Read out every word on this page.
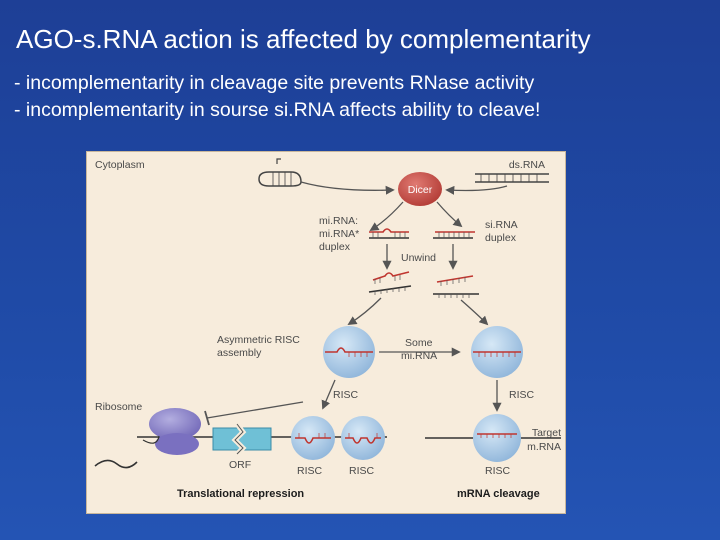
AGO-s.RNA action is affected by complementarity
- incomplementarity in cleavage site prevents RNase activity
- incomplementarity in sourse si.RNA affects ability to cleave!
Cytoplasm	ds.RNA
Dicer
mi.RNA:
mi.RNA*
duplex
si.RNA
duplex
Unwind
Asymmetric RISC
assembly
Some
mi.RNA
RISC	RISC
Ribosome
ORF	RISC	RISC	RISC
Target
m.RNA
Translational repression	mRNA cleavage
